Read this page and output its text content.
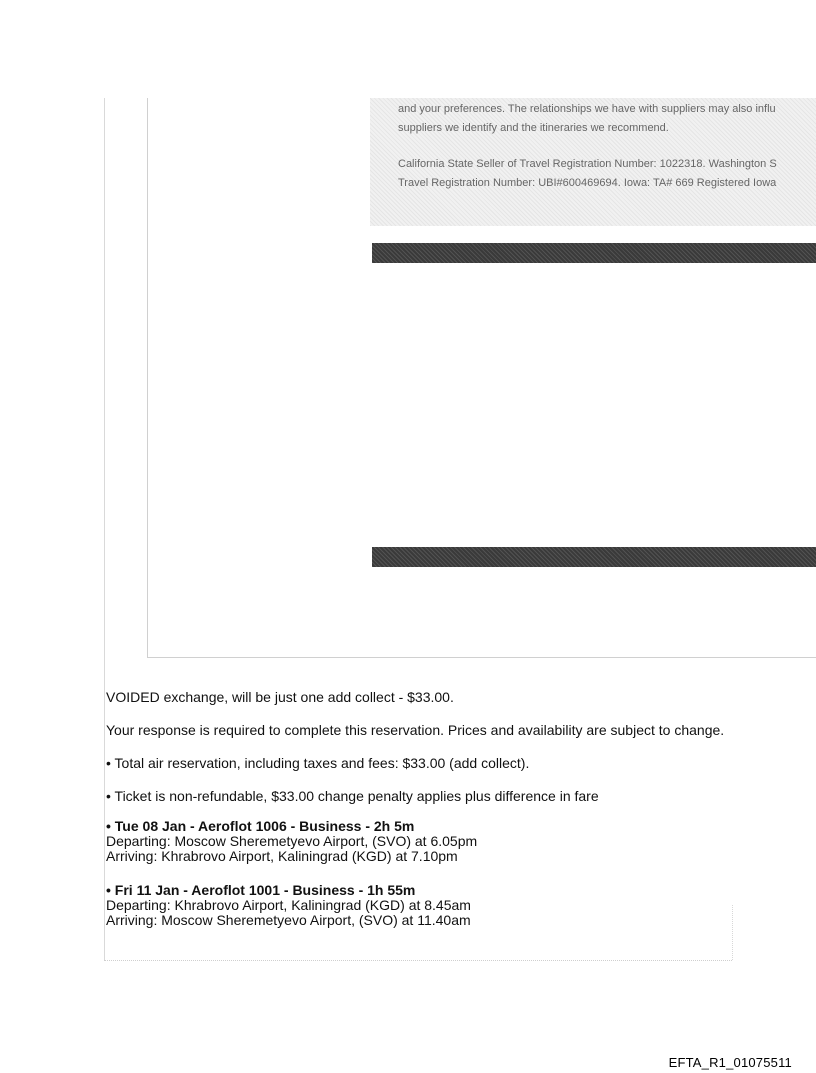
and your preferences. The relationships we have with suppliers may also influ
suppliers we identify and the itineraries we recommend.

California State Seller of Travel Registration Number: 1022318. Washington S
Travel Registration Number: UBI#600469694. Iowa: TA# 669 Registered Iowa

VOIDED exchange, will be just one add collect - $33.00.
Your response is required to complete this reservation. Prices and availability are subject to change.
• Total air reservation, including taxes and fees: $33.00 (add collect).
• Ticket is non-refundable, $33.00 change penalty applies plus difference in fare
• Tue 08 Jan - Aeroflot 1006 - Business - 2h 5m
Departing: Moscow Sheremetyevo Airport, (SVO) at 6.05pm
Arriving: Khrabrovo Airport, Kaliningrad (KGD) at 7.10pm
• Fri 11 Jan - Aeroflot 1001 - Business - 1h 55m
Departing: Khrabrovo Airport, Kaliningrad (KGD) at 8.45am
Arriving: Moscow Sheremetyevo Airport, (SVO) at 11.40am
EFTA_R1_01075511
